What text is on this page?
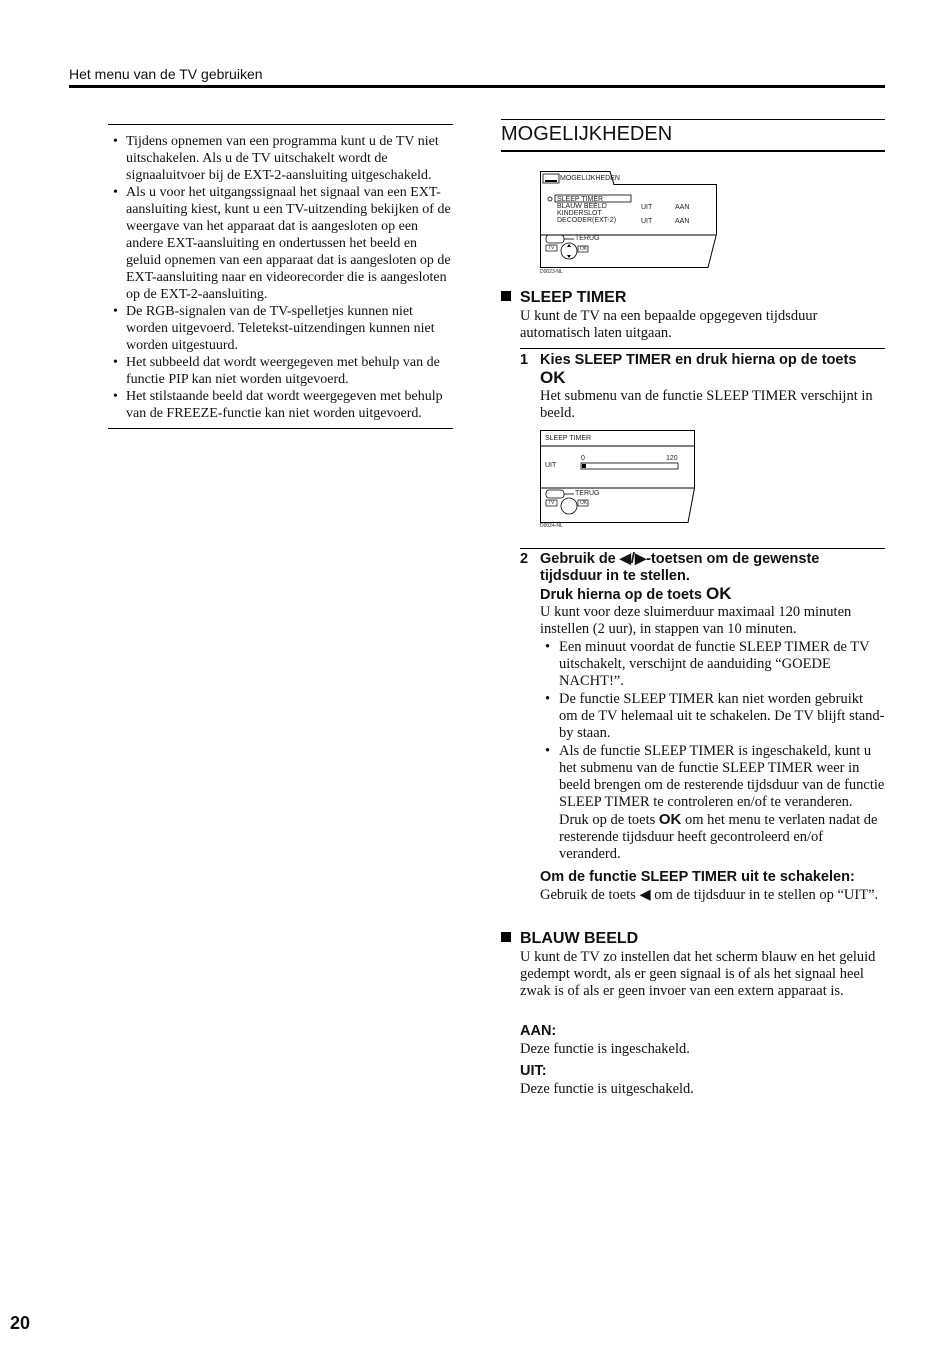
Het menu van de TV gebruiken
• Tijdens opnemen van een programma kunt u de TV niet uitschakelen. Als u de TV uitschakelt wordt de signaaluitvoer bij de EXT-2-aansluiting uitgeschakeld.
• Als u voor het uitgangssignaal het signaal van een EXT-aansluiting kiest, kunt u een TV-uitzending bekijken of de weergave van het apparaat dat is aangesloten op een andere EXT-aansluiting en ondertussen het beeld en geluid opnemen van een apparaat dat is aangesloten op de EXT-aansluiting naar en videorecorder die is aangesloten op de EXT-2-aansluiting.
• De RGB-signalen van de TV-spelletjes kunnen niet worden uitgevoerd. Teletekst-uitzendingen kunnen niet worden uitgestuurd.
• Het subbeeld dat wordt weergegeven met behulp van de functie PIP kan niet worden uitgevoerd.
• Het stilstaande beeld dat wordt weergegeven met behulp van de FREEZE-functie kan niet worden uitgevoerd.
MOGELIJKHEDEN
MOGELIJKHEDEN
SLEEP TIMER
BLAUW BEELD
KINDERSLOT
DECODER(EXT-2)
UIT
UIT
AAN
AAN
TERUG
TV	OK
D0023-NL
SLEEP TIMER
U kunt de TV na een bepaalde opgegeven tijdsduur automatisch laten uitgaan.
1 Kies SLEEP TIMER en druk hierna op de toets OK
Het submenu van de functie SLEEP TIMER verschijnt in beeld.
SLEEP TIMER
UIT
0	120
TERUG
TV	OK
D0024-NL
2 Gebruik de ◀/▶-toetsen om de gewenste tijdsduur in te stellen.
Druk hierna op de toets OK
U kunt voor deze sluimerduur maximaal 120 minuten instellen (2 uur), in stappen van 10 minuten.
• Een minuut voordat de functie SLEEP TIMER de TV uitschakelt, verschijnt de aanduiding “GOEDE NACHT!”.
• De functie SLEEP TIMER kan niet worden gebruikt om de TV helemaal uit te schakelen. De TV blijft stand-by staan.
• Als de functie SLEEP TIMER is ingeschakeld, kunt u het submenu van de functie SLEEP TIMER weer in beeld brengen om de resterende tijdsduur van de functie SLEEP TIMER te controleren en/of te veranderen. Druk op de toets OK om het menu te verlaten nadat de resterende tijdsduur heeft gecontroleerd en/of veranderd.
Om de functie SLEEP TIMER uit te schakelen:
Gebruik de toets ◀ om de tijdsduur in te stellen op “UIT”.
BLAUW BEELD
U kunt de TV zo instellen dat het scherm blauw en het geluid gedempt wordt, als er geen signaal is of als het signaal heel zwak is of als er geen invoer van een extern apparaat is.
AAN:
Deze functie is ingeschakeld.
UIT:
Deze functie is uitgeschakeld.
20
